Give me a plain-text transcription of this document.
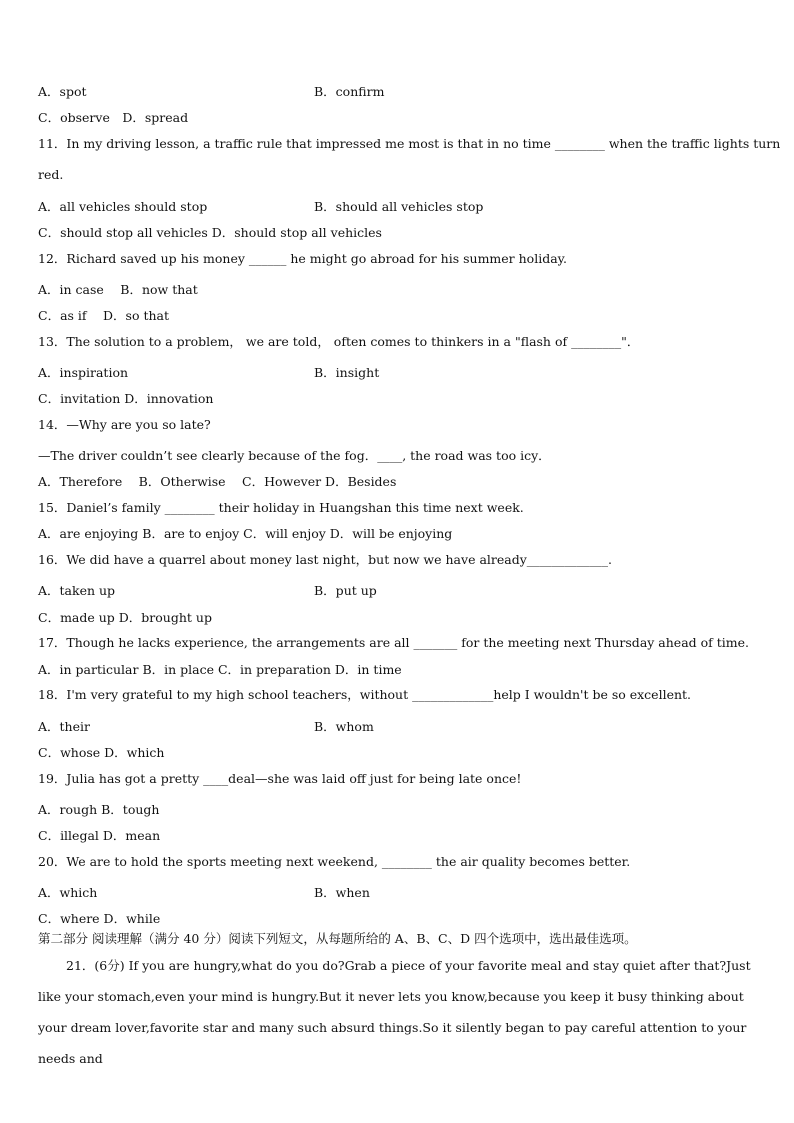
A．spot	B．confirm
C．observe　D．spread
11．In my driving lesson, a traffic rule that impressed me most is that in no time ________ when the traffic lights turn
red.
A．all vehicles should stop	B．should all vehicles stop
C．should stop all vehicles D．should stop all vehicles
12．Richard saved up his money ______ he might go abroad for his summer holiday.
A．in case　 B．now that
C．as if　 D．so that
13．The solution to a problem， we are told， often comes to thinkers in a "flash of ________"．
A．inspiration	B．insight
C．invitation D．innovation
14．—Why are you so late?
—The driver couldn’t see clearly because of the fog．____, the road was too icy．
A．Therefore　 B．Otherwise　 C．However D．Besides
15．Daniel’s family ________ their holiday in Huangshan this time next week.
A．are enjoying B．are to enjoy C．will enjoy D．will be enjoying
16．We did have a quarrel about money last night，but now we have already_____________.
A．taken up	B．put up
C．made up D．brought up
17．Though he lacks experience, the arrangements are all _______ for the meeting next Thursday ahead of time.
A．in particular B．in place C．in preparation D．in time
18．I'm very grateful to my high school teachers，without _____________help I wouldn't be so excellent.
A．their	B．whom
C．whose D．which
19．Julia has got a pretty ____deal—she was laid off just for being late once!
A．rough B．tough
C．illegal D．mean
20．We are to hold the sports meeting next weekend, ________ the air quality becomes better.
A．which	B．when
C．where D．while
第二部分 阅读理解（满分 40 分）阅读下列短文，从每题所给的 A、B、C、D 四个选项中，选出最佳选项。
21．(6分) If you are hungry,what do you do?Grab a piece of your favorite meal and stay quiet after that?Just like your stomach,even your mind is hungry.But it never lets you know,because you keep it busy thinking about your dream lover,favorite star and many such absurd things.So it silently began to pay careful attention to your needs and
